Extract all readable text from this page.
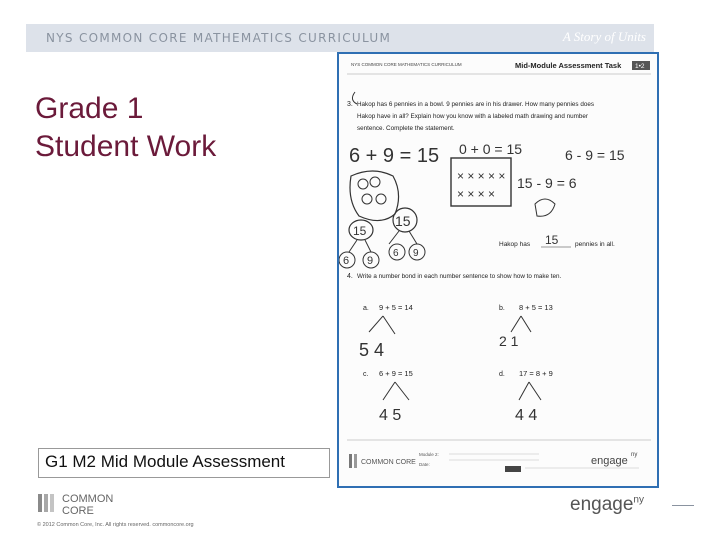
NYS COMMON CORE MATHEMATICS CURRICULUM	A Story of Units
Grade 1
Student Work
NYS COMMON CORE MATHEMATICS CURRICULUM	Mid-Module Assessment Task 1•2
3. Hakop has 6 pennies in a bowl. 9 pennies are in his drawer. How many pennies does
Hakop have in all? Explain how you know with a labeled math drawing and number
sentence. Complete the statement.
6 + 9 = 15
15
6 9
15
6 9
0 + 0 = 15	6 - 9 = 15
× × × × ×
× × × ×
15 - 9 = 6
Hakop has 15	pennies in all.
4. Write a number bond in each number sentence to show how to make ten.
a. 9 + 5 = 14
5 4
b. 8 + 5 = 13
2 1
c. 6 + 9 = 15
4 5
d. 17 = 8 + 9
4 4
COMMON CORE
Module 2:
Date:	engage ny
G1 M2 Mid Module Assessment
COMMON
CORE
© 2012 Common Core, Inc. All rights reserved. commoncore.org
engage$^{ny}$
